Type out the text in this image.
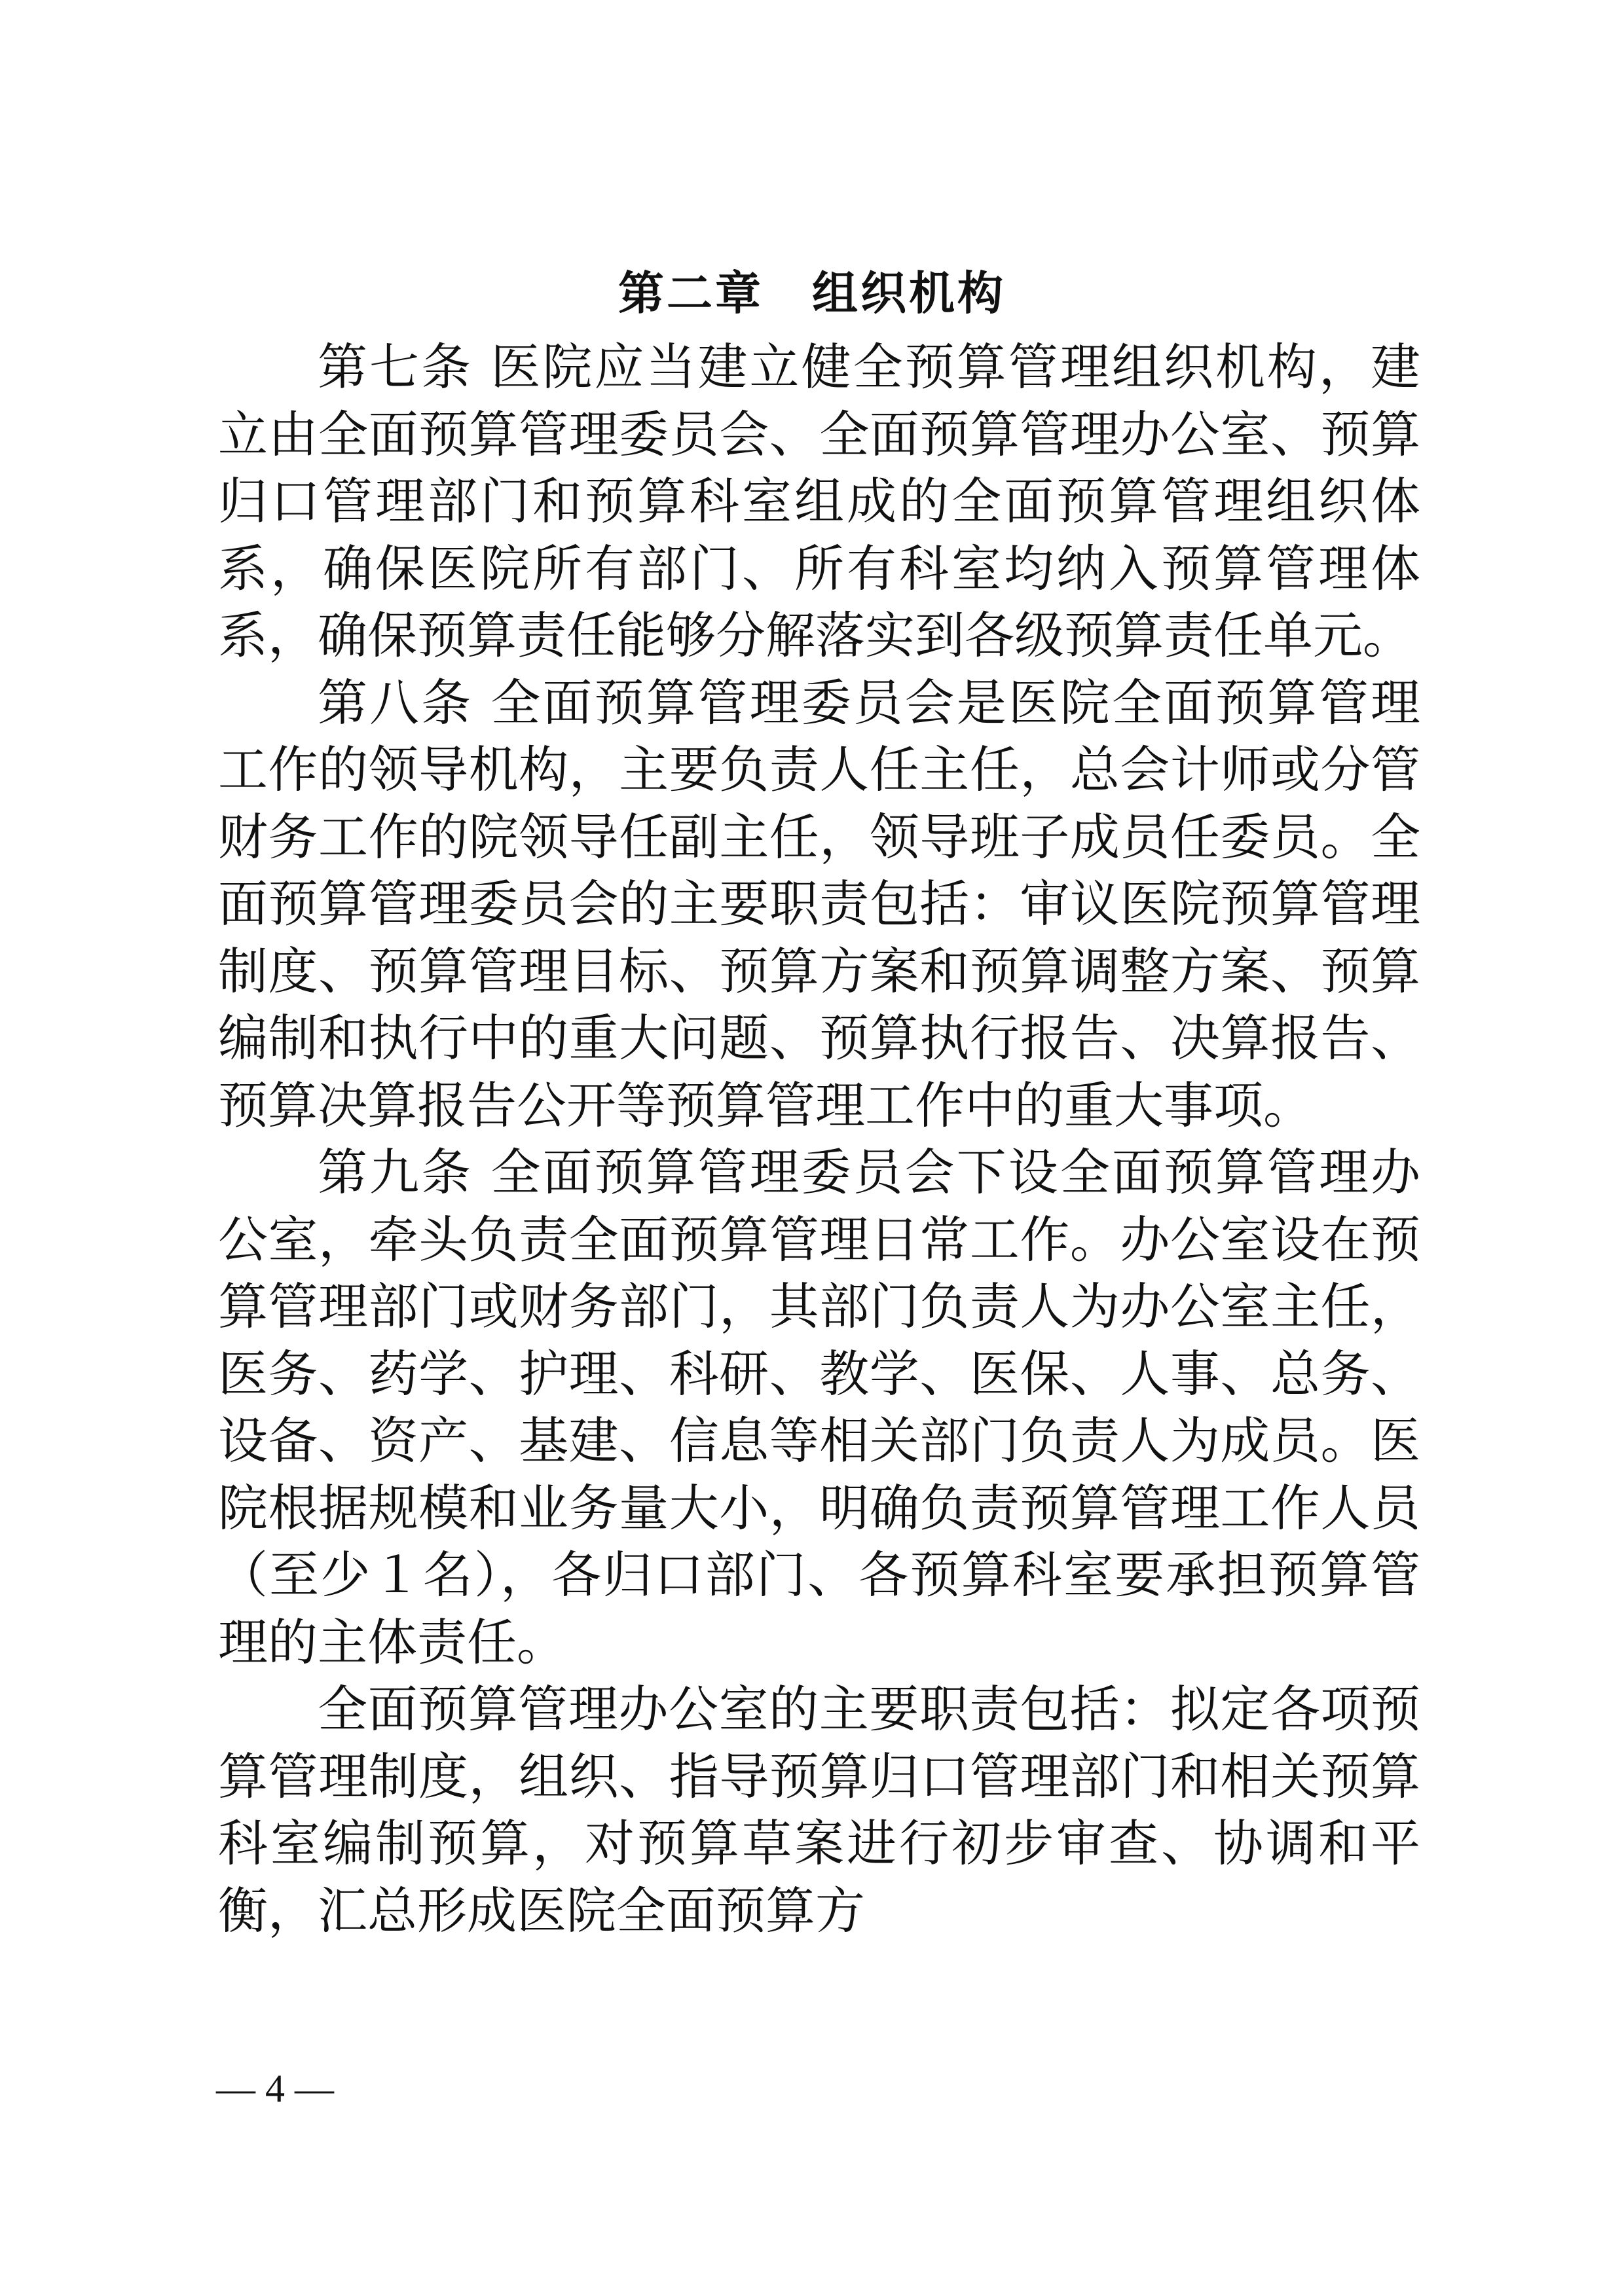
第二章　组织机构

第七条 医院应当建立健全预算管理组织机构，建立由全面预算管理委员会、全面预算管理办公室、预算归口管理部门和预算科室组成的全面预算管理组织体系，确保医院所有部门、所有科室均纳入预算管理体系，确保预算责任能够分解落实到各级预算责任单元。

第八条 全面预算管理委员会是医院全面预算管理工作的领导机构，主要负责人任主任，总会计师或分管财务工作的院领导任副主任，领导班子成员任委员。全面预算管理委员会的主要职责包括：审议医院预算管理制度、预算管理目标、预算方案和预算调整方案、预算编制和执行中的重大问题、预算执行报告、决算报告、预算决算报告公开等预算管理工作中的重大事项。

第九条 全面预算管理委员会下设全面预算管理办公室，牵头负责全面预算管理日常工作。办公室设在预算管理部门或财务部门，其部门负责人为办公室主任，医务、药学、护理、科研、教学、医保、人事、总务、设备、资产、基建、信息等相关部门负责人为成员。医院根据规模和业务量大小，明确负责预算管理工作人员（至少１名），各归口部门、各预算科室要承担预算管理的主体责任。

全面预算管理办公室的主要职责包括：拟定各项预算管理制度，组织、指导预算归口管理部门和相关预算科室编制预算，对预算草案进行初步审查、协调和平衡，汇总形成医院全面预算方

— 4 —
